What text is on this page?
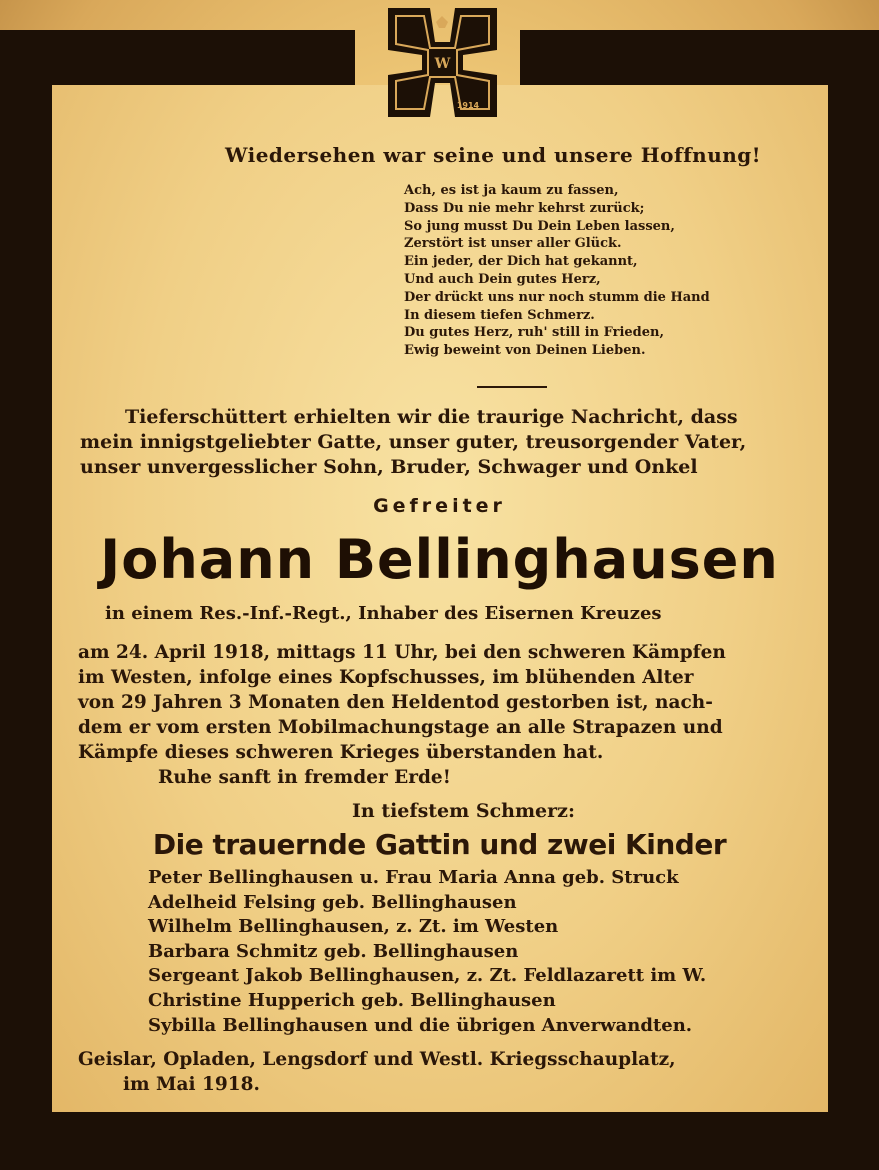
W
1914

Wiedersehen war seine und unsere Hoffnung!

Ach, es ist ja kaum zu fassen,
Dass Du nie mehr kehrst zurück;
So jung musst Du Dein Leben lassen,
Zerstört ist unser aller Glück.
Ein jeder, der Dich hat gekannt,
Und auch Dein gutes Herz,
Der drückt uns nur noch stumm die Hand
In diesem tiefen Schmerz.
Du gutes Herz, ruh' still in Frieden,
Ewig beweint von Deinen Lieben.
Tieferschüttert erhielten wir die traurige Nachricht, dass
mein innigstgeliebter Gatte, unser guter, treusorgender Vater,
unser unvergesslicher Sohn, Bruder, Schwager und Onkel

Gefreiter

Johann Bellinghausen

in einem Res.-Inf.-Regt., Inhaber des Eisernen Kreuzes

am 24. April 1918, mittags 11 Uhr, bei den schweren Kämpfen
im Westen, infolge eines Kopfschusses, im blühenden Alter
von 29 Jahren 3 Monaten den Heldentod gestorben ist, nach-
dem er vom ersten Mobilmachungstage an alle Strapazen und
Kämpfe dieses schweren Krieges überstanden hat.
Ruhe sanft in fremder Erde!

In tiefstem Schmerz:

Die trauernde Gattin und zwei Kinder

Peter Bellinghausen u. Frau Maria Anna geb. Struck
Adelheid Felsing geb. Bellinghausen
Wilhelm Bellinghausen, z. Zt. im Westen
Barbara Schmitz geb. Bellinghausen
Sergeant Jakob Bellinghausen, z. Zt. Feldlazarett im W.
Christine Hupperich geb. Bellinghausen
Sybilla Bellinghausen und die übrigen Anverwandten.
Geislar, Opladen, Lengsdorf und Westl. Kriegsschauplatz,
im Mai 1918.
